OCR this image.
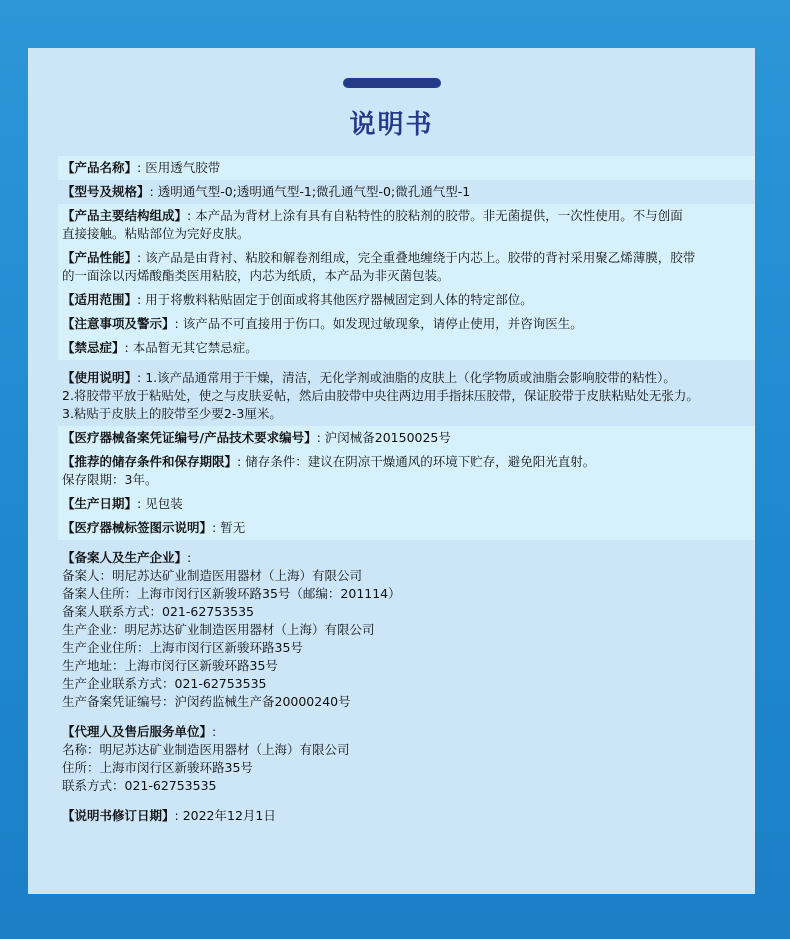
说明书
【产品名称】: 医用透气胶带
【型号及规格】: 透明通气型-0;透明通气型-1;微孔通气型-0;微孔通气型-1
【产品主要结构组成】: 本产品为背材上涂有具有自粘特性的胶粘剂的胶带。非无菌提供，一次性使用。不与创面
直接接触。粘贴部位为完好皮肤。
【产品性能】: 该产品是由背衬、粘胶和解卷剂组成，完全重叠地缠绕于内芯上。胶带的背衬采用聚乙烯薄膜，胶带
的一面涂以丙烯酸酯类医用粘胶，内芯为纸质，本产品为非灭菌包装。
【适用范围】: 用于将敷料粘贴固定于创面或将其他医疗器械固定到人体的特定部位。
【注意事项及警示】: 该产品不可直接用于伤口。如发现过敏现象，请停止使用，并咨询医生。
【禁忌症】: 本品暂无其它禁忌症。
【使用说明】: 1.该产品通常用于干燥，清洁，无化学剂或油脂的皮肤上（化学物质或油脂会影响胶带的粘性）。
2.将胶带平放于粘贴处，使之与皮肤妥帖，然后由胶带中央往两边用手指抹压胶带，保证胶带于皮肤粘贴处无张力。
3.粘贴于皮肤上的胶带至少要2-3厘米。
【医疗器械备案凭证编号/产品技术要求编号】: 沪闵械备20150025号
【推荐的储存条件和保存期限】: 储存条件：建议在阴凉干燥通风的环境下贮存，避免阳光直射。
保存限期：3年。
【生产日期】: 见包装
【医疗器械标签图示说明】: 暂无
【备案人及生产企业】:
备案人：明尼苏达矿业制造医用器材（上海）有限公司
备案人住所：上海市闵行区新骏环路35号（邮编：201114）
备案人联系方式：021-62753535
生产企业：明尼苏达矿业制造医用器材（上海）有限公司
生产企业住所：上海市闵行区新骏环路35号
生产地址：上海市闵行区新骏环路35号
生产企业联系方式：021-62753535
生产备案凭证编号：沪闵药监械生产备20000240号
【代理人及售后服务单位】:
名称：明尼苏达矿业制造医用器材（上海）有限公司
住所：上海市闵行区新骏环路35号
联系方式：021-62753535
【说明书修订日期】: 2022年12月1日
